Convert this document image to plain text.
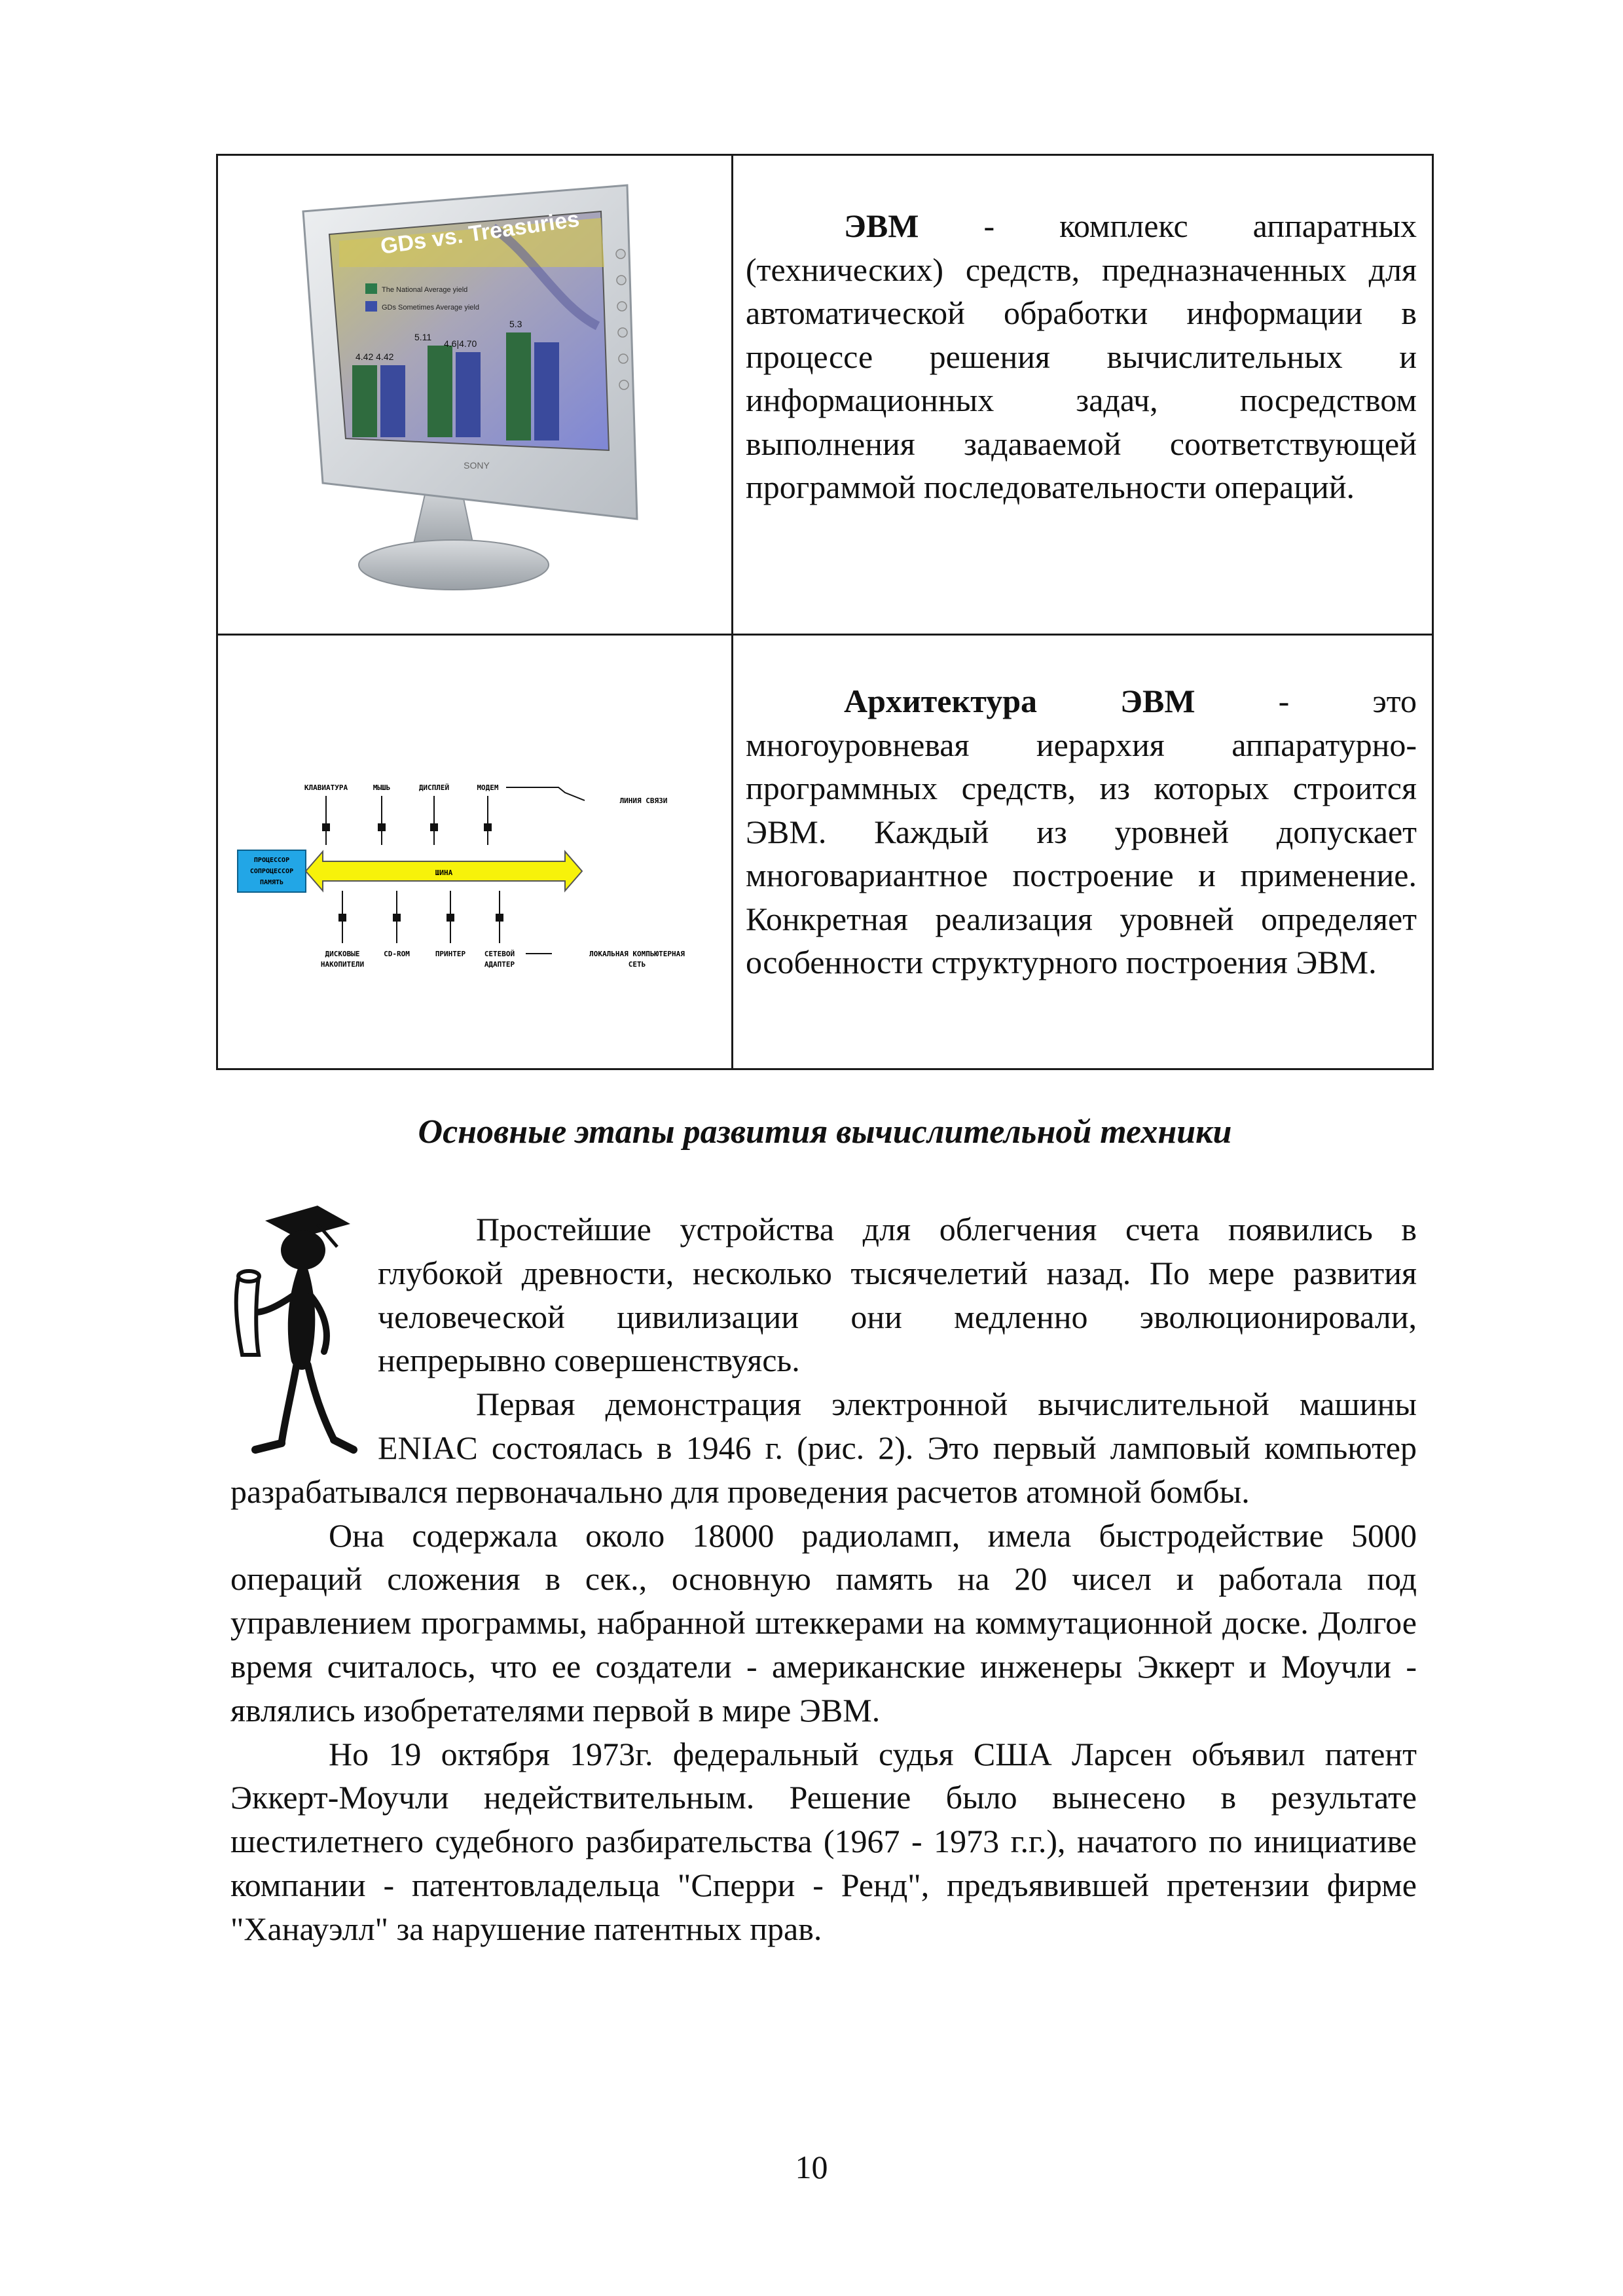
GDs vs. Treasuries
The National Average yield
GDs Sometimes Average yield
4.42 4.42
5.11
4.6|4.70
5.3
SONY
ЭВМ - комплекс аппаратных (технических) средств, предназначенных для автоматической обработки информации в процессе решения вычислительных и информационных задач, посредством выполнения задаваемой соответствующей программой последовательности операций.
КЛАВИАТУРА	МЫШЬ	ДИСПЛЕЙ	МОДЕМ
ЛИНИЯ СВЯЗИ
ПРОЦЕССОР
СОПРОЦЕССОР
ПАМЯТЬ
ШИНА
ДИСКОВЫЕ
НАКОПИТЕЛИ
CD-ROM	ПРИНТЕР	СЕТЕВОЙ
АДАПТЕР
ЛОКАЛЬНАЯ КОМПЬЮТЕРНАЯ
СЕТЬ
Архитектура ЭВМ - это многоуровневая иерархия аппаратурно-программных средств, из которых строится ЭВМ. Каждый из уровней допускает многовариантное построение и применение. Конкретная реализация уровней определяет особенности структурного построения ЭВМ.
Основные этапы развития вычислительной техники

Простейшие устройства для облегчения счета появились в глубокой древности, несколько тысячелетий назад. По мере развития человеческой цивилизации они медленно эволюционировали, непрерывно совершенствуясь.

Первая демонстрация электронной вычислительной машины ENIAC состоялась в 1946 г. (рис. 2). Это первый ламповый компьютер разрабатывался первоначально для проведения расчетов атомной бомбы.

Она содержала около 18000 радиоламп, имела быстродействие 5000 операций сложения в сек., основную память на 20 чисел и работала под управлением программы, набранной штеккерами на коммутационной доске. Долгое время считалось, что ее создатели - американские инженеры Эккерт и Моучли - являлись изобретателями первой в мире ЭВМ.

Но 19 октября 1973г. федеральный судья США Ларсен объявил патент Эккерт-Моучли недействительным. Решение было вынесено в результате шестилетнего судебного разбирательства (1967 - 1973 г.г.), начатого по инициативе компании - патентовладельца "Сперри - Ренд", предъявившей претензии фирме "Ханауэлл" за нарушение патентных прав.

10
